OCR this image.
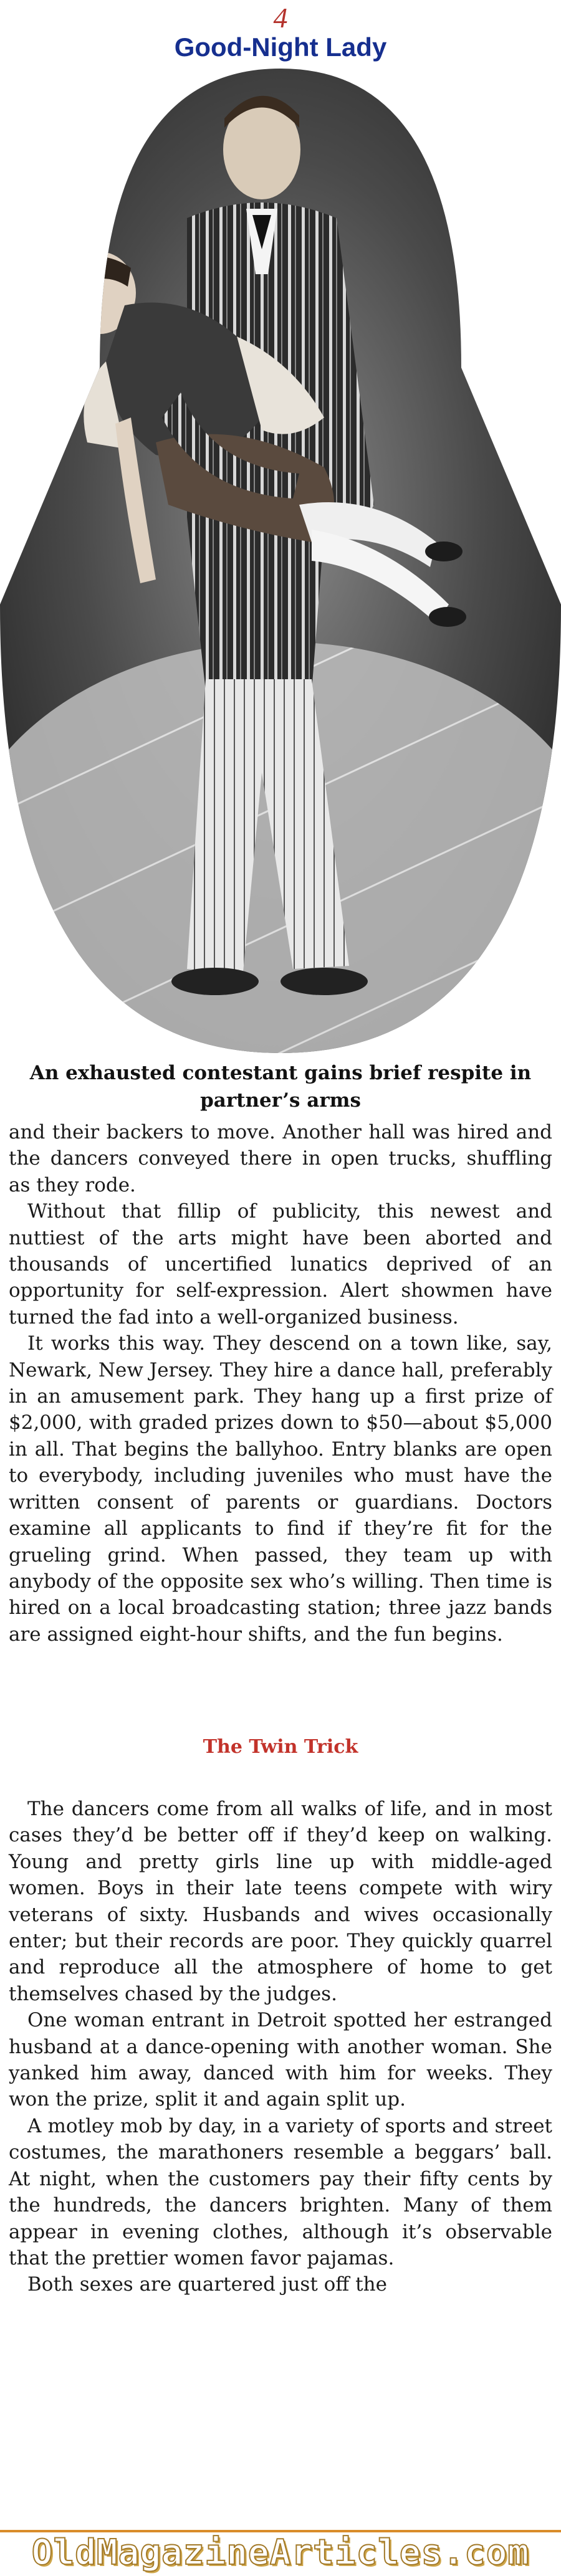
4
Good-Night Lady
An exhausted contestant gains brief respite in partner’s arms

and their backers to move. Another hall was hired and the dancers conveyed there in open trucks, shuffling as they rode.

Without that fillip of publicity, this newest and nuttiest of the arts might have been aborted and thousands of uncertified lunatics deprived of an opportunity for self-expression. Alert showmen have turned the fad into a well-organized business.

It works this way. They descend on a town like, say, Newark, New Jersey. They hire a dance hall, preferably in an amusement park. They hang up a first prize of $2,000, with graded prizes down to $50—about $5,000 in all. That begins the ballyhoo. Entry blanks are open to everybody, including juveniles who must have the written consent of parents or guardians. Doctors examine all applicants to find if they’re fit for the grueling grind. When passed, they team up with anybody of the opposite sex who’s willing. Then time is hired on a local broadcasting station; three jazz bands are assigned eight-hour shifts, and the fun begins.

The Twin Trick

The dancers come from all walks of life, and in most cases they’d be better off if they’d keep on walking. Young and pretty girls line up with middle-aged women. Boys in their late teens compete with wiry veterans of sixty. Husbands and wives occasionally enter; but their records are poor. They quickly quarrel and reproduce all the atmosphere of home to get themselves chased by the judges.

One woman entrant in Detroit spotted her estranged husband at a dance-opening with another woman. She yanked him away, danced with him for weeks. They won the prize, split it and again split up.

A motley mob by day, in a variety of sports and street costumes, the marathoners resemble a beggars’ ball. At night, when the customers pay their fifty cents by the hundreds, the dancers brighten. Many of them appear in evening clothes, although it’s observable that the prettier women favor pajamas.

Both sexes are quartered just off the

OldMagazineArticles.com
